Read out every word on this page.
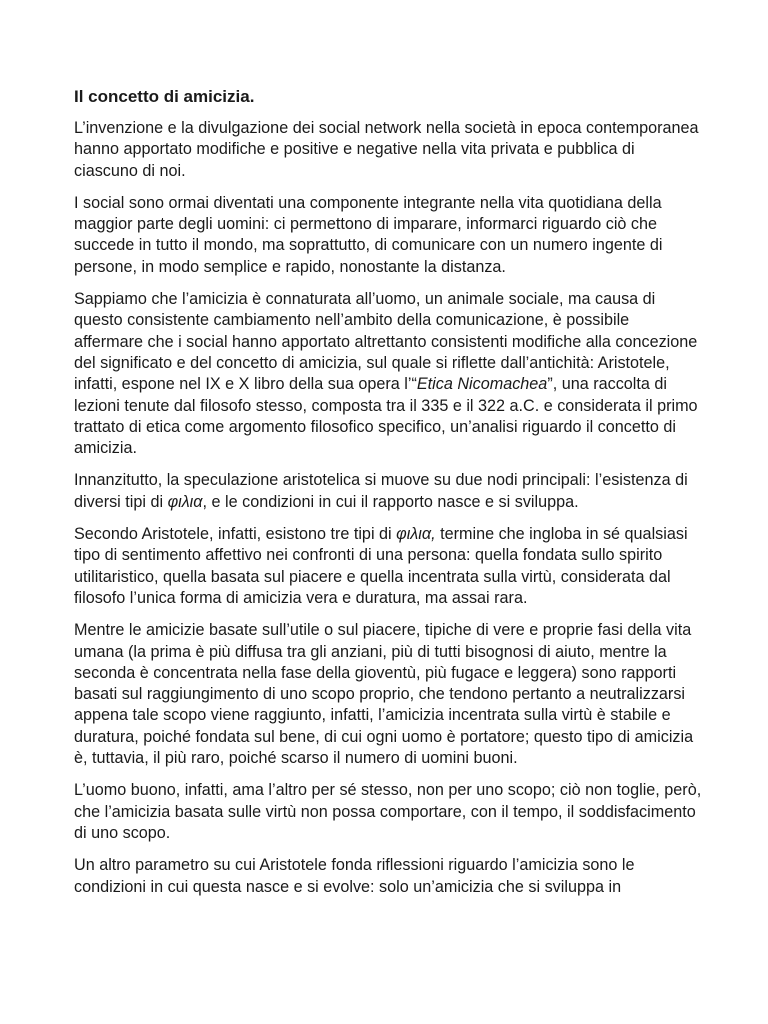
Il concetto di amicizia.

L’invenzione e la divulgazione dei social network nella società in epoca contemporanea hanno apportato modifiche e positive e negative nella vita privata e pubblica di ciascuno di noi.

I social sono ormai diventati una componente integrante nella vita quotidiana della maggior parte degli uomini: ci permettono di imparare, informarci riguardo ciò che succede in tutto il mondo, ma soprattutto, di comunicare con un numero ingente di persone, in modo semplice e rapido, nonostante la distanza.

Sappiamo che l’amicizia è connaturata all’uomo, un animale sociale, ma causa di questo consistente cambiamento nell’ambito della comunicazione, è possibile affermare che i social hanno apportato altrettanto consistenti modifiche alla concezione del significato e del concetto di amicizia, sul quale si riflette dall’antichità: Aristotele, infatti, espone nel IX e X libro della sua opera l’“Etica Nicomachea”, una raccolta di lezioni tenute dal filosofo stesso, composta tra il 335 e il 322 a.C. e considerata il primo trattato di etica come argomento filosofico specifico, un’analisi riguardo il concetto di amicizia.

Innanzitutto, la speculazione aristotelica si muove su due nodi principali: l’esistenza di diversi tipi di φιλια, e le condizioni in cui il rapporto nasce e si sviluppa.

Secondo Aristotele, infatti, esistono tre tipi di φιλια, termine che ingloba in sé qualsiasi tipo di sentimento affettivo nei confronti di una persona: quella fondata sullo spirito utilitaristico, quella basata sul piacere e quella incentrata sulla virtù, considerata dal filosofo l’unica forma di amicizia vera e duratura, ma assai rara.

Mentre le amicizie basate sull’utile o sul piacere, tipiche di vere e proprie fasi della vita umana (la prima è più diffusa tra gli anziani, più di tutti bisognosi di aiuto, mentre la seconda è concentrata nella fase della gioventù, più fugace e leggera) sono rapporti basati sul raggiungimento di uno scopo proprio, che tendono pertanto a neutralizzarsi appena tale scopo viene raggiunto, infatti, l’amicizia incentrata sulla virtù è stabile e duratura, poiché fondata sul bene, di cui ogni uomo è portatore; questo tipo di amicizia è, tuttavia, il più raro, poiché scarso il numero di uomini buoni.

L’uomo buono, infatti, ama l’altro per sé stesso, non per uno scopo; ciò non toglie, però, che l’amicizia basata sulle virtù non possa comportare, con il tempo, il soddisfacimento di uno scopo.

Un altro parametro su cui Aristotele fonda riflessioni riguardo l’amicizia sono le condizioni in cui questa nasce e si evolve: solo un’amicizia che si sviluppa in
